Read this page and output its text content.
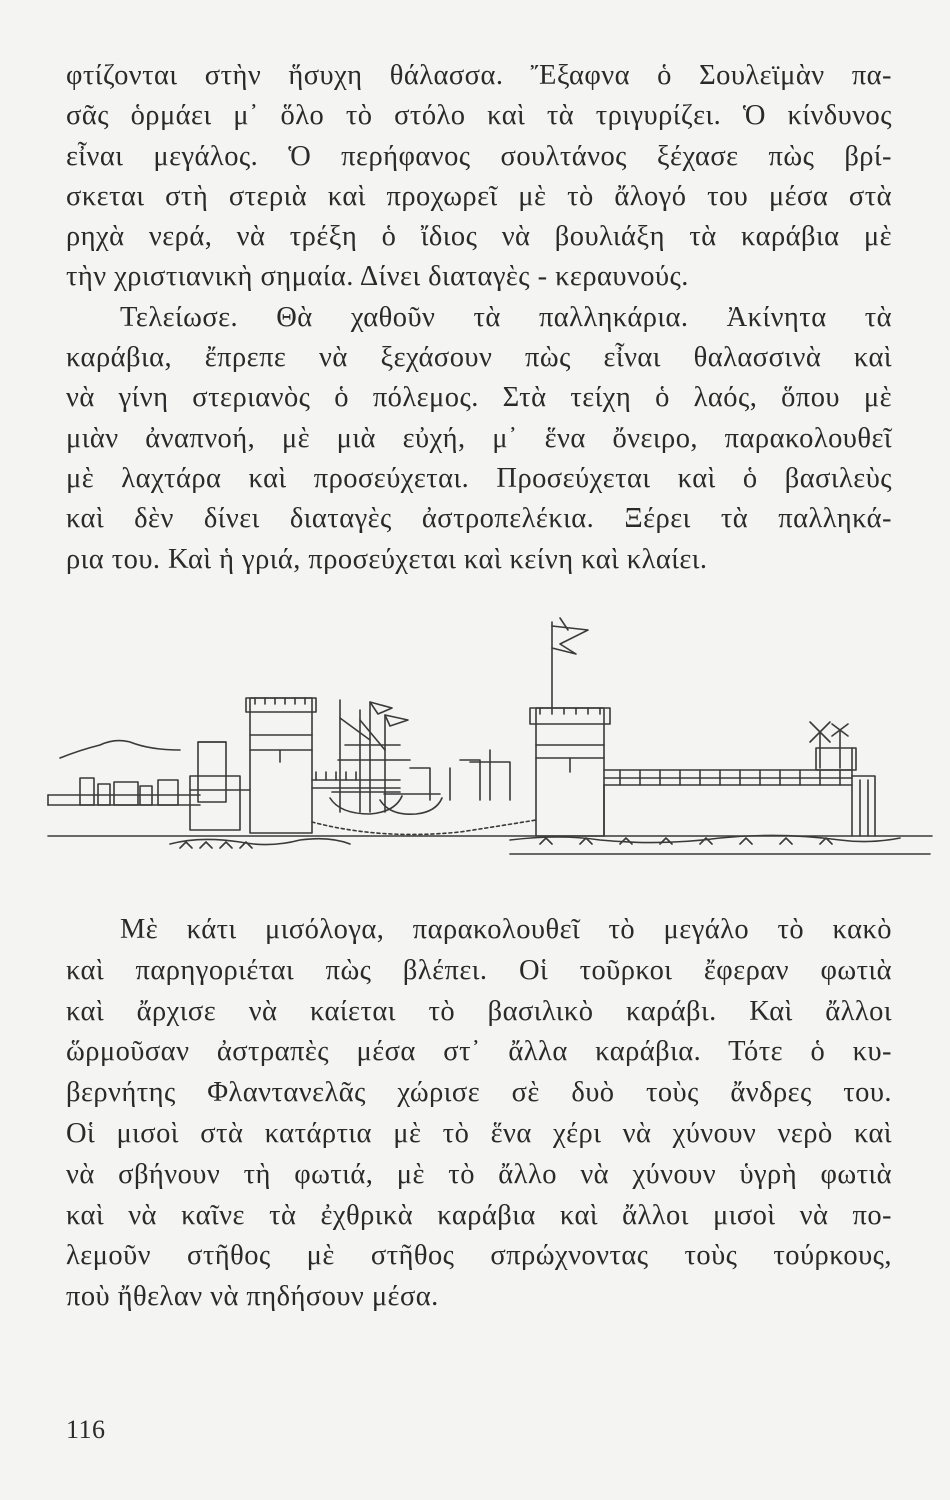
φτίζονται στὴν ἥσυχη θάλασσα. Ἔξαφνα ὁ Σουλεϊμὰν πα-
σᾶς ὁρμάει μ᾽ ὅλο τὸ στόλο καὶ τὰ τριγυρίζει. Ὁ κίνδυνος
εἶναι μεγάλος. Ὁ περήφανος σουλτάνος ξέχασε πὼς βρί-
σκεται στὴ στεριὰ καὶ προχωρεῖ μὲ τὸ ἄλογό του μέσα στὰ
ρηχὰ νερά, νὰ τρέξη ὁ ἴδιος νὰ βουλιάξη τὰ καράβια μὲ
τὴν χριστιανικὴ σημαία. Δίνει διαταγὲς - κεραυνούς.
Τελείωσε. Θὰ χαθοῦν τὰ παλληκάρια. Ἀκίνητα τὰ
καράβια, ἔπρεπε νὰ ξεχάσουν πὼς εἶναι θαλασσινὰ καὶ
νὰ γίνη στεριανὸς ὁ πόλεμος. Στὰ τείχη ὁ λαός, ὅπου μὲ
μιὰν ἀναπνοή, μὲ μιὰ εὐχή, μ᾽ ἕνα ὄνειρο, παρακολουθεῖ
μὲ λαχτάρα καὶ προσεύχεται. Προσεύχεται καὶ ὁ βασιλεὺς
καὶ δὲν δίνει διαταγὲς ἀστροπελέκια. Ξέρει τὰ παλληκά-
ρια του. Καὶ ἡ γριά, προσεύχεται καὶ κείνη καὶ κλαίει.
Μὲ κάτι μισόλογα, παρακολουθεῖ τὸ μεγάλο τὸ κακὸ
καὶ παρηγοριέται πὼς βλέπει. Οἱ τοῦρκοι ἔφεραν φωτιὰ
καὶ ἄρχισε νὰ καίεται τὸ βασιλικὸ καράβι. Καὶ ἄλλοι
ὥρμοῦσαν ἀστραπὲς μέσα στ᾽ ἄλλα καράβια. Τότε ὁ κυ-
βερνήτης Φλαντανελᾶς χώρισε σὲ δυὸ τοὺς ἄνδρες του.
Οἱ μισοὶ στὰ κατάρτια μὲ τὸ ἕνα χέρι νὰ χύνουν νερὸ καὶ
νὰ σβήνουν τὴ φωτιά, μὲ τὸ ἄλλο νὰ χύνουν ὑγρὴ φωτιὰ
καὶ νὰ καῖνε τὰ ἐχθρικὰ καράβια καὶ ἄλλοι μισοὶ νὰ πο-
λεμοῦν στῆθος μὲ στῆθος σπρώχνοντας τοὺς τούρκους,
ποὺ ἤθελαν νὰ πηδήσουν μέσα.
116
